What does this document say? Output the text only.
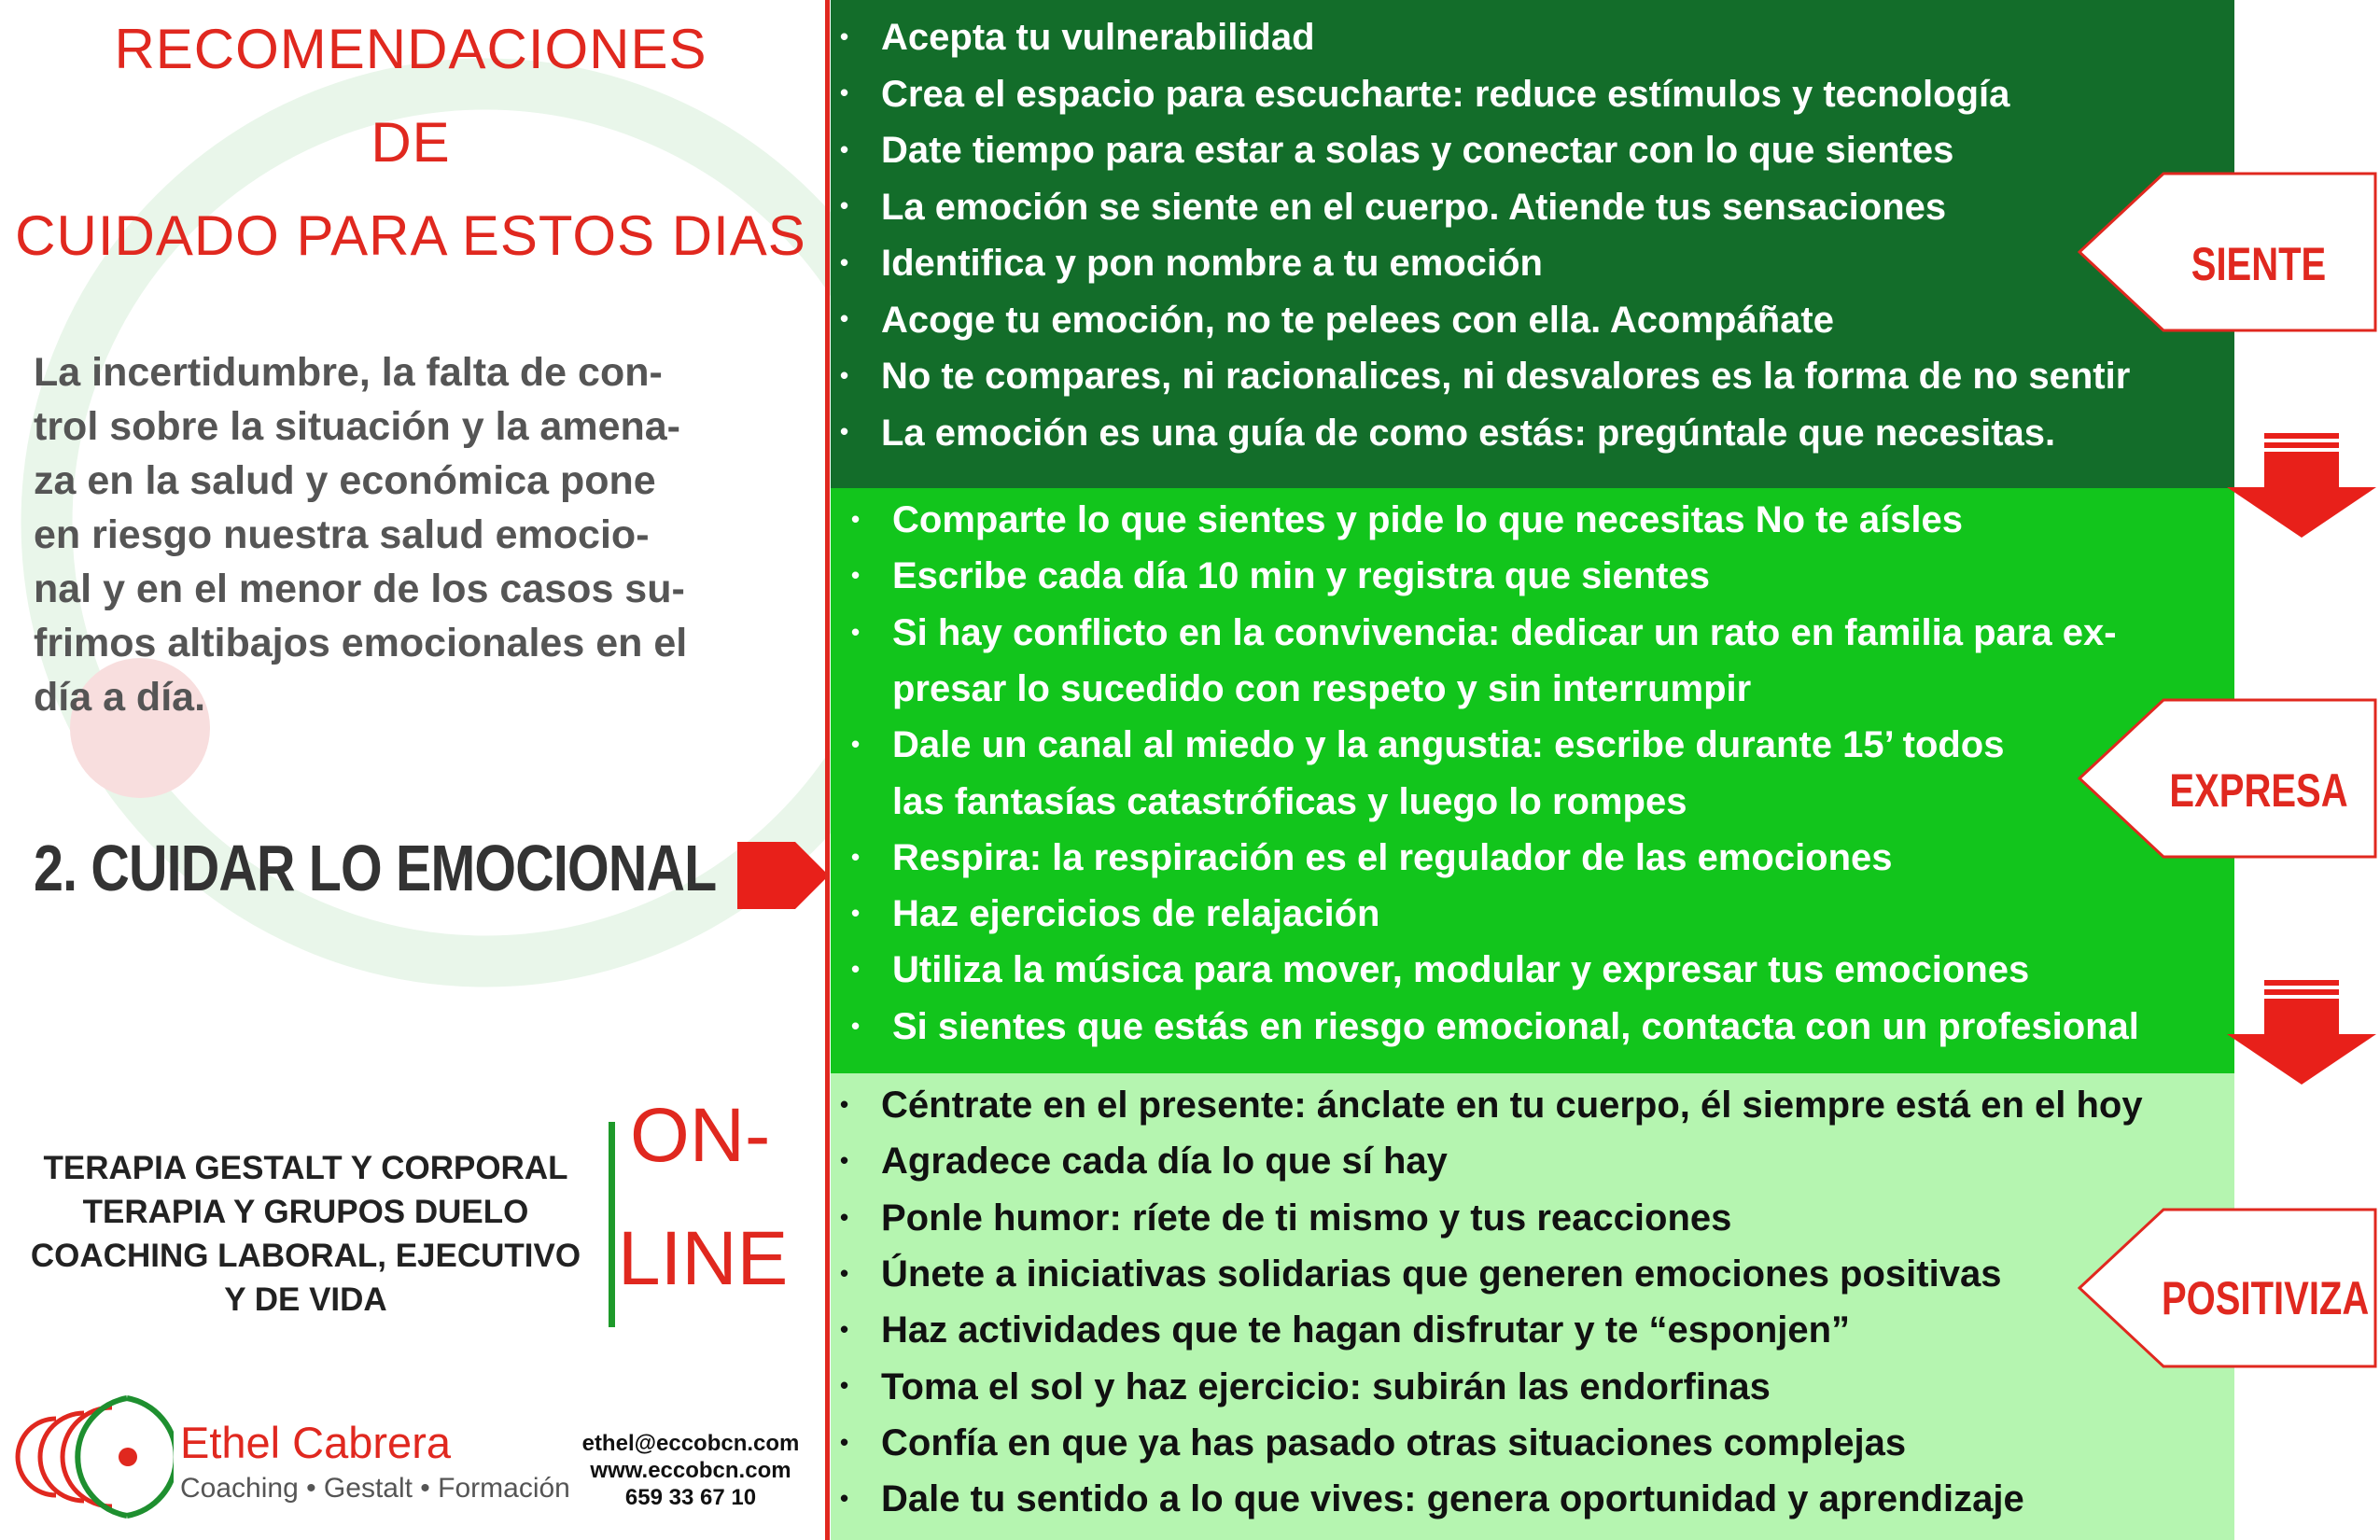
RECOMENDACIONES
DE
CUIDADO PARA ESTOS DIAS
La incertidumbre, la falta de con-
trol sobre la situación y la amena-
za en la salud y económica pone
en riesgo nuestra salud emocio-
nal y en el menor de los casos su-
frimos altibajos emocionales en el
día a día.
2. CUIDAR LO EMOCIONAL
TERAPIA GESTALT Y CORPORAL
TERAPIA Y GRUPOS DUELO
COACHING LABORAL, EJECUTIVO
Y DE VIDA
ON-
LINE
Ethel Cabrera
Coaching • Gestalt • Formación
ethel@eccobcn.com
www.eccobcn.com
659 33 67 10
• Acepta tu vulnerabilidad
• Crea el espacio para escucharte: reduce estímulos y tecnología
• Date tiempo para estar a solas y conectar con lo que sientes
• La emoción se siente en el cuerpo. Atiende tus sensaciones
• Identifica y pon nombre a tu emoción
• Acoge tu emoción, no te pelees con ella. Acompáñate
• No te compares, ni racionalices, ni desvalores es la forma de no sentir
• La emoción es una guía de como estás: pregúntale que necesitas.
• Comparte lo que sientes y pide lo que necesitas No te aísles
• Escribe cada día 10 min y registra que sientes
• Si hay conflicto en la convivencia: dedicar un rato en familia para ex-
presar lo sucedido con respeto y sin interrumpir
• Dale un canal al miedo y la angustia: escribe durante 15’ todos
las fantasías catastróficas y luego lo rompes
• Respira: la respiración es el regulador de las emociones
• Haz ejercicios de relajación
• Utiliza la música para mover, modular y expresar tus emociones
• Si sientes que estás en riesgo emocional, contacta con un profesional
• Céntrate en el presente: ánclate en tu cuerpo, él siempre está en el hoy
• Agradece cada día lo que sí hay
• Ponle humor: ríete de ti mismo y tus reacciones
• Únete a iniciativas solidarias que generen emociones positivas
• Haz actividades que te hagan disfrutar y te “esponjen”
• Toma el sol y haz ejercicio: subirán las endorfinas
• Confía en que ya has pasado otras situaciones complejas
• Dale tu sentido a lo que vives: genera oportunidad y aprendizaje
SIENTE
EXPRESA
POSITIVIZA
